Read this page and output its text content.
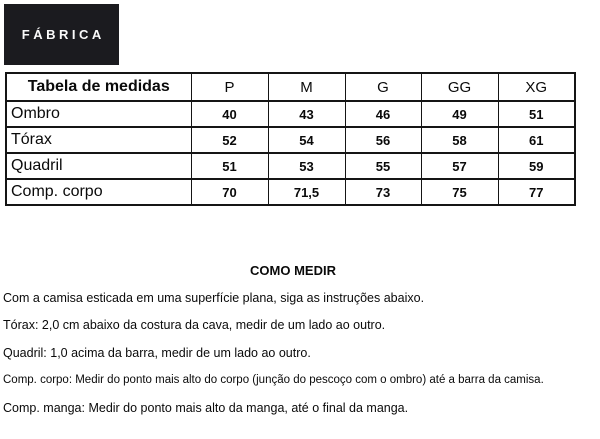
FÁBRICA
Tabela de medidas	P	M	G	GG	XG
Ombro	40	43	46	49	51
Tórax	52	54	56	58	61
Quadril	51	53	55	57	59
Comp. corpo	70	71,5	73	75	77
COMO MEDIR

Com a camisa esticada em uma superfície plana, siga as instruções abaixo.

Tórax: 2,0 cm abaixo da costura da cava, medir de um lado ao outro.

Quadril: 1,0 acima da barra, medir de um lado ao outro.

Comp. corpo: Medir do ponto mais alto do corpo (junção do pescoço com o ombro) até a barra da camisa.

Comp. manga: Medir do ponto mais alto da manga, até o final da manga.
